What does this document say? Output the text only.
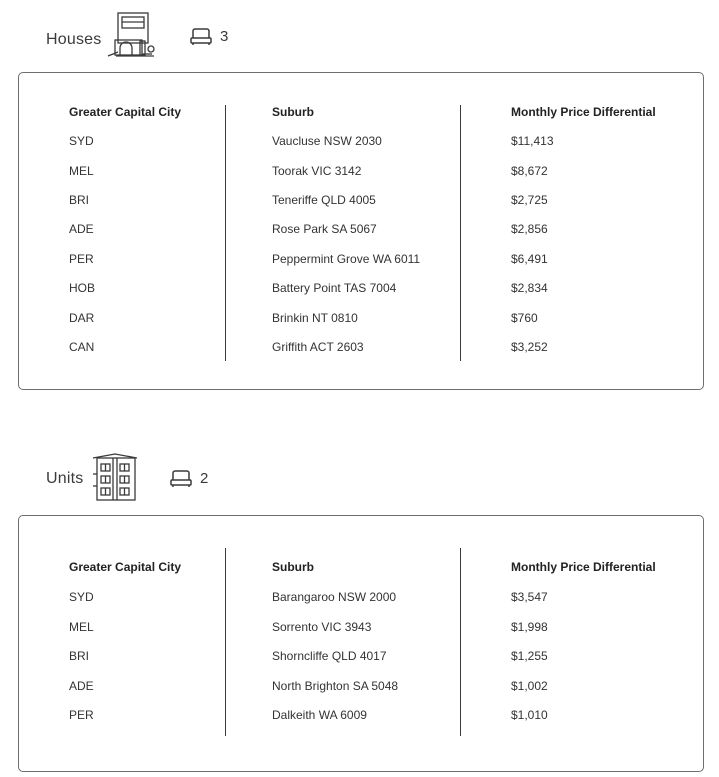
Houses	3
Greater Capital City	Suburb	Monthly Price Differential
SYD	Vaucluse NSW 2030	$11,413
MEL	Toorak VIC 3142	$8,672
BRI	Teneriffe QLD 4005	$2,725
ADE	Rose Park SA 5067	$2,856
PER	Peppermint Grove WA 6011	$6,491
HOB	Battery Point TAS 7004	$2,834
DAR	Brinkin NT 0810	$760
CAN	Griffith ACT 2603	$3,252
Units	2
Greater Capital City	Suburb	Monthly Price Differential
SYD	Barangaroo NSW 2000	$3,547
MEL	Sorrento VIC 3943	$1,998
BRI	Shorncliffe QLD 4017	$1,255
ADE	North Brighton SA 5048	$1,002
PER	Dalkeith WA 6009	$1,010
